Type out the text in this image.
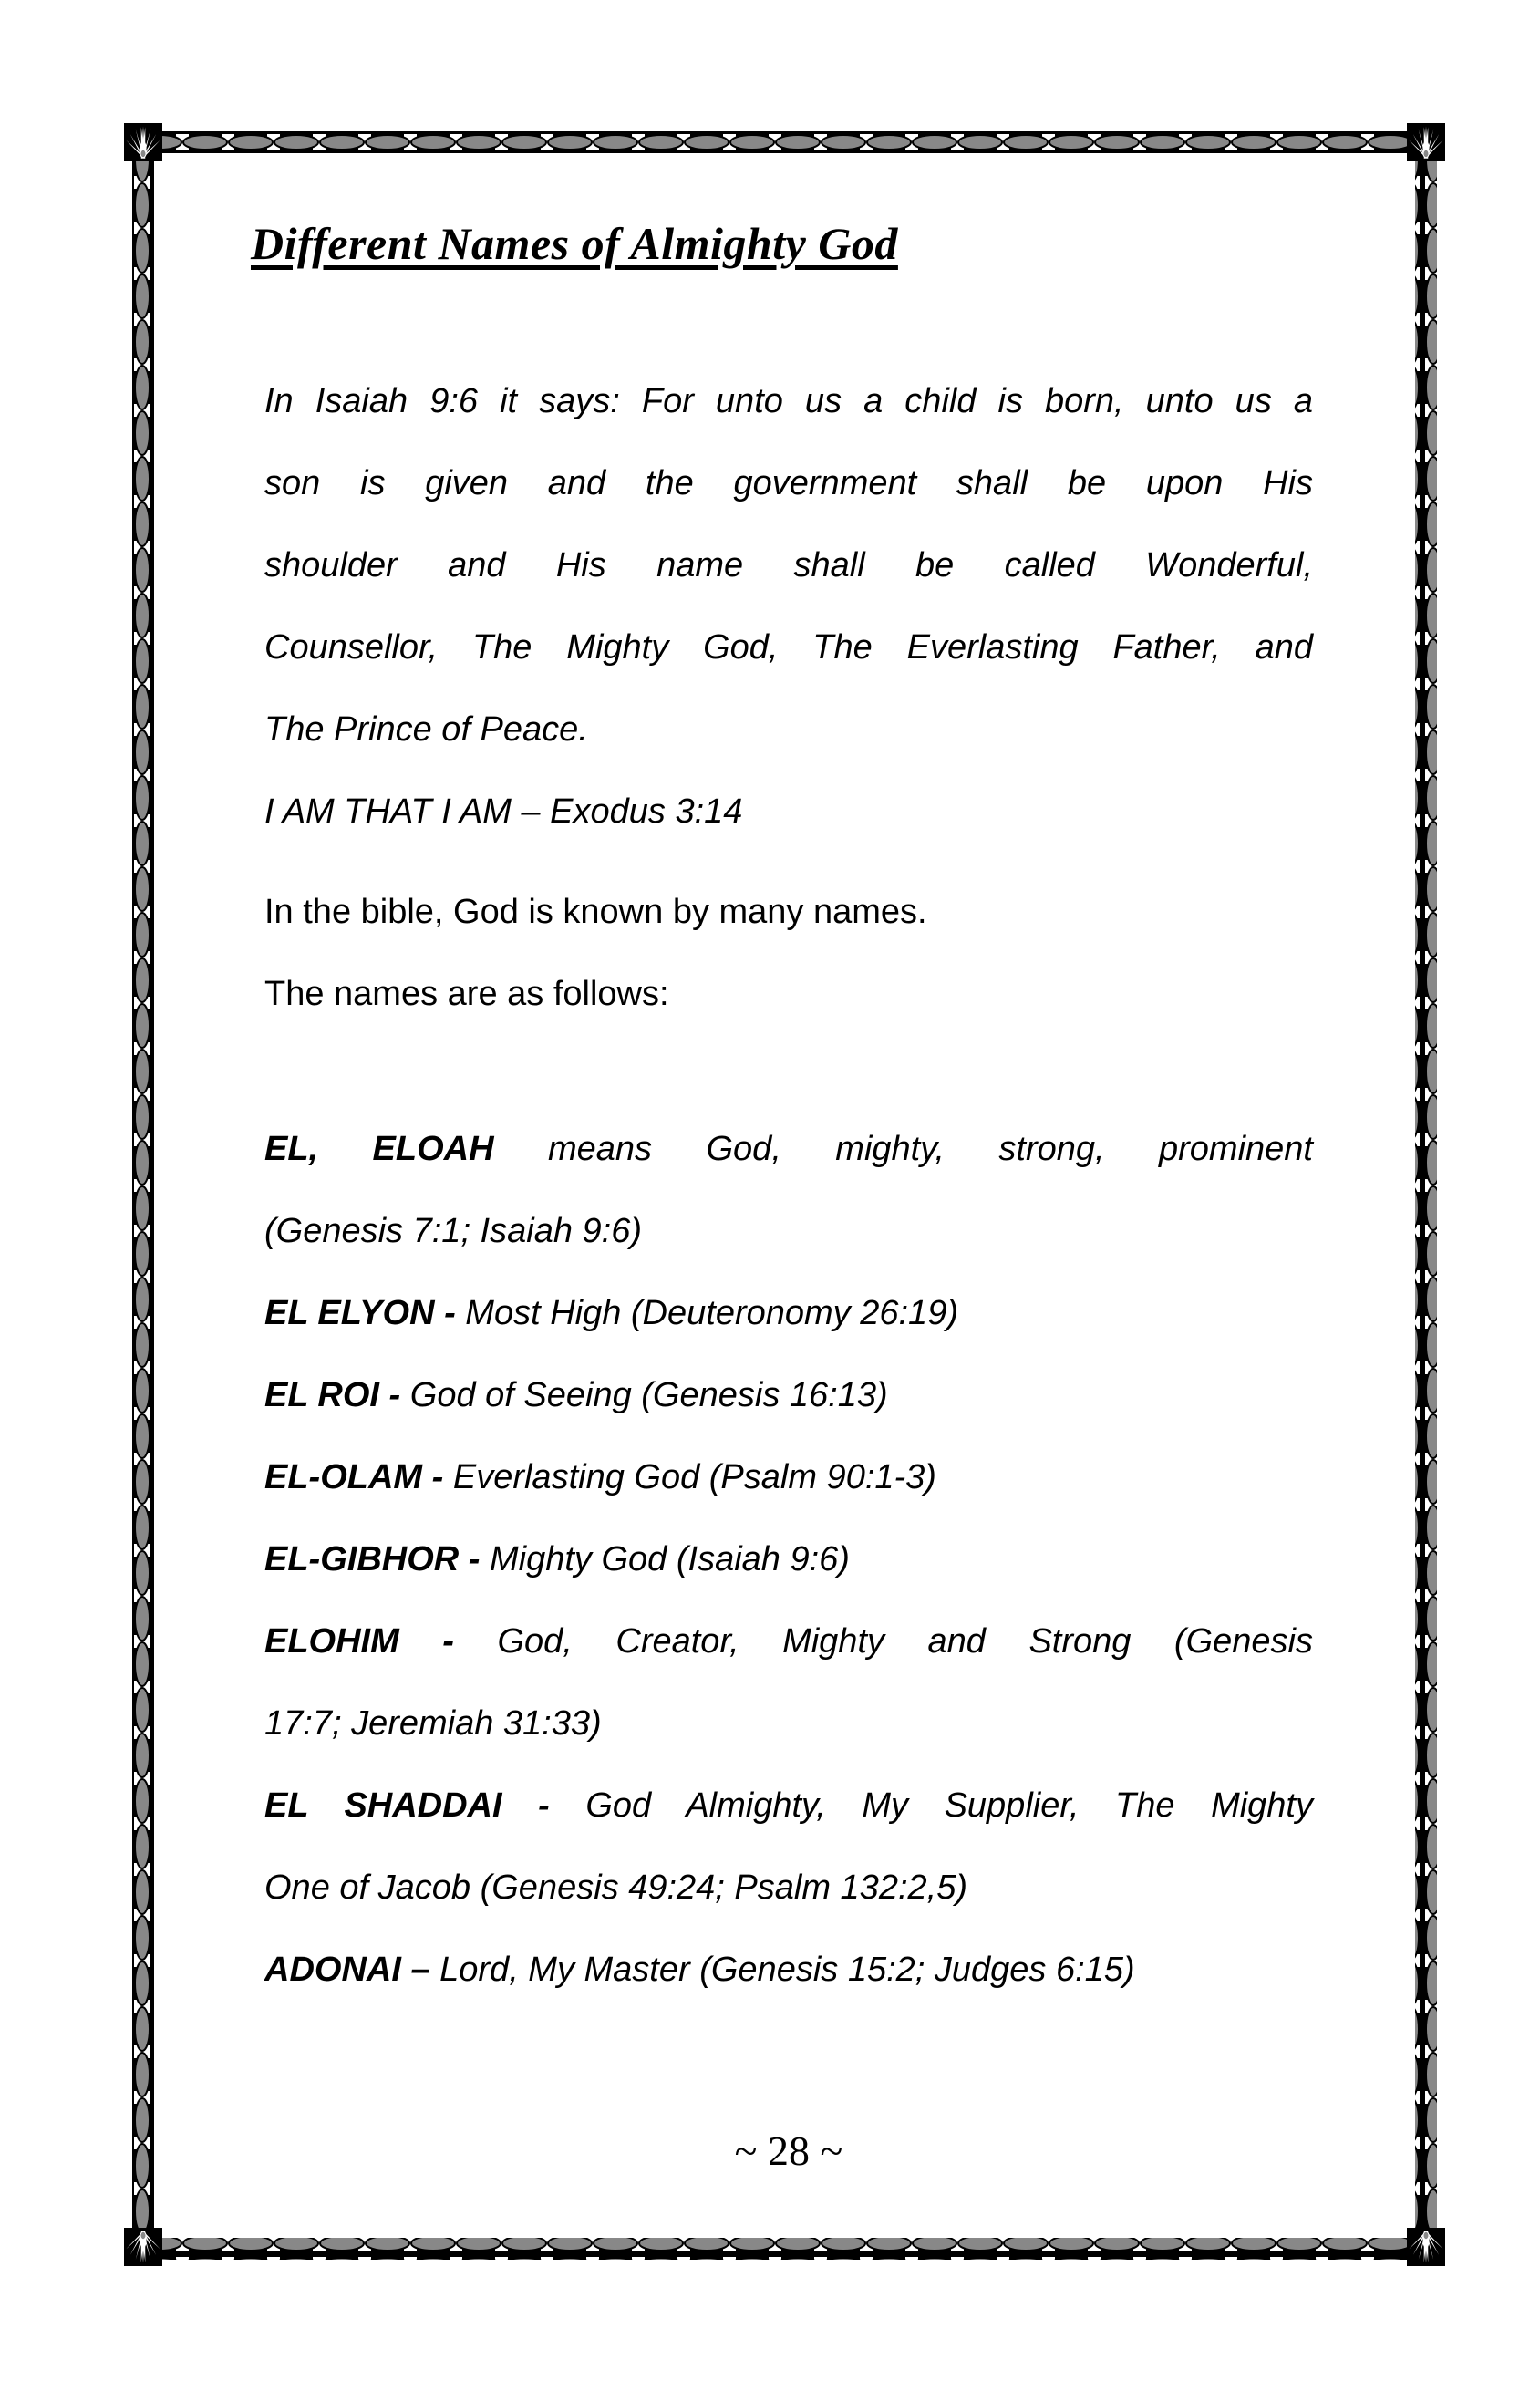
Different Names of Almighty God
In Isaiah 9:6 it says: For unto us a child is born, unto us a
son is given and the government shall be upon His
shoulder and His name shall be called Wonderful,
Counsellor, The Mighty God, The Everlasting Father, and
The Prince of Peace.
I AM THAT I AM – Exodus 3:14
In the bible, God is known by many names.
The names are as follows:
EL, ELOAH means God, mighty, strong, prominent
(Genesis 7:1; Isaiah 9:6)
EL ELYON - Most High (Deuteronomy 26:19)
EL ROI - God of Seeing (Genesis 16:13)
EL-OLAM - Everlasting God (Psalm 90:1-3)
EL-GIBHOR - Mighty God (Isaiah 9:6)
ELOHIM - God, Creator, Mighty and Strong (Genesis
17:7; Jeremiah 31:33)
EL SHADDAI - God Almighty, My Supplier, The Mighty
One of Jacob (Genesis 49:24; Psalm 132:2,5)
ADONAI – Lord, My Master (Genesis 15:2; Judges 6:15)
~ 28 ~
